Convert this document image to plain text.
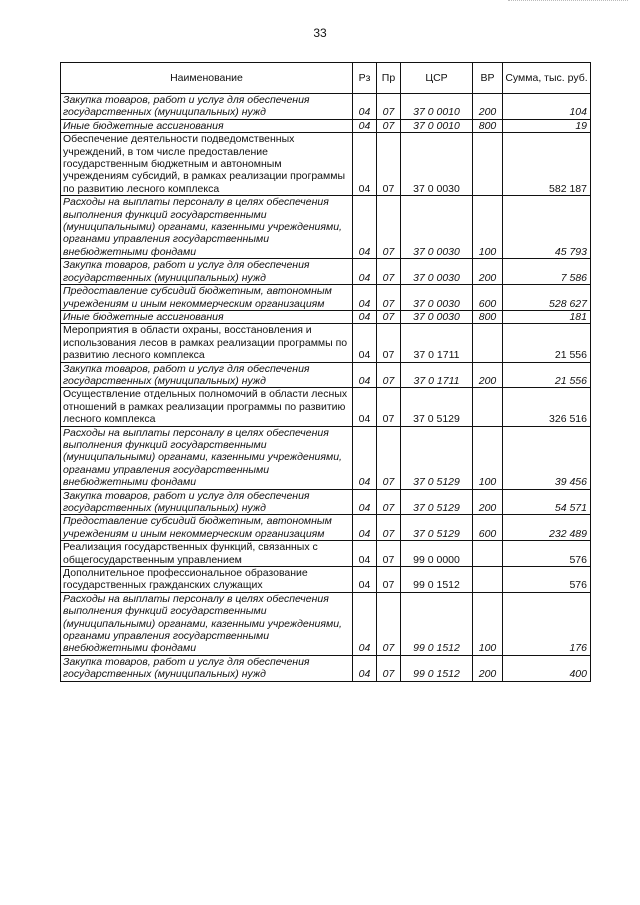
33
Наименование	Рз	Пр	ЦСР	ВР	Сумма, тыс. руб.
Закупка товаров, работ и услуг для обеспечения государственных (муниципальных) нужд	04	07	37 0 0010	200	104
Иные бюджетные ассигнования	04	07	37 0 0010	800	19
Обеспечение деятельности подведомственных учреждений, в том числе предоставление государственным бюджетным и автономным учреждениям субсидий, в рамках реализации программы по развитию лесного комплекса	04	07	37 0 0030		582 187
Расходы на выплаты персоналу в целях обеспечения выполнения функций государственными (муниципальными) органами, казенными учреждениями, органами управления государственными внебюджетными фондами	04	07	37 0 0030	100	45 793
Закупка товаров, работ и услуг для обеспечения государственных (муниципальных) нужд	04	07	37 0 0030	200	7 586
Предоставление субсидий бюджетным, автономным учреждениям и иным некоммерческим организациям	04	07	37 0 0030	600	528 627
Иные бюджетные ассигнования	04	07	37 0 0030	800	181
Мероприятия в области охраны, восстановления и использования лесов в рамках реализации программы по развитию лесного комплекса	04	07	37 0 1711		21 556
Закупка товаров, работ и услуг для обеспечения государственных (муниципальных) нужд	04	07	37 0 1711	200	21 556
Осуществление отдельных полномочий в области лесных отношений в рамках реализации программы по развитию лесного комплекса	04	07	37 0 5129		326 516
Расходы на выплаты персоналу в целях обеспечения выполнения функций государственными (муниципальными) органами, казенными учреждениями, органами управления государственными внебюджетными фондами	04	07	37 0 5129	100	39 456
Закупка товаров, работ и услуг для обеспечения государственных (муниципальных) нужд	04	07	37 0 5129	200	54 571
Предоставление субсидий бюджетным, автономным учреждениям и иным некоммерческим организациям	04	07	37 0 5129	600	232 489
Реализация государственных функций, связанных с общегосударственным управлением	04	07	99 0 0000		576
Дополнительное профессиональное образование государственных гражданских служащих	04	07	99 0 1512		576
Расходы на выплаты персоналу в целях обеспечения выполнения функций государственными (муниципальными) органами, казенными учреждениями, органами управления государственными внебюджетными фондами	04	07	99 0 1512	100	176
Закупка товаров, работ и услуг для обеспечения государственных (муниципальных) нужд	04	07	99 0 1512	200	400
